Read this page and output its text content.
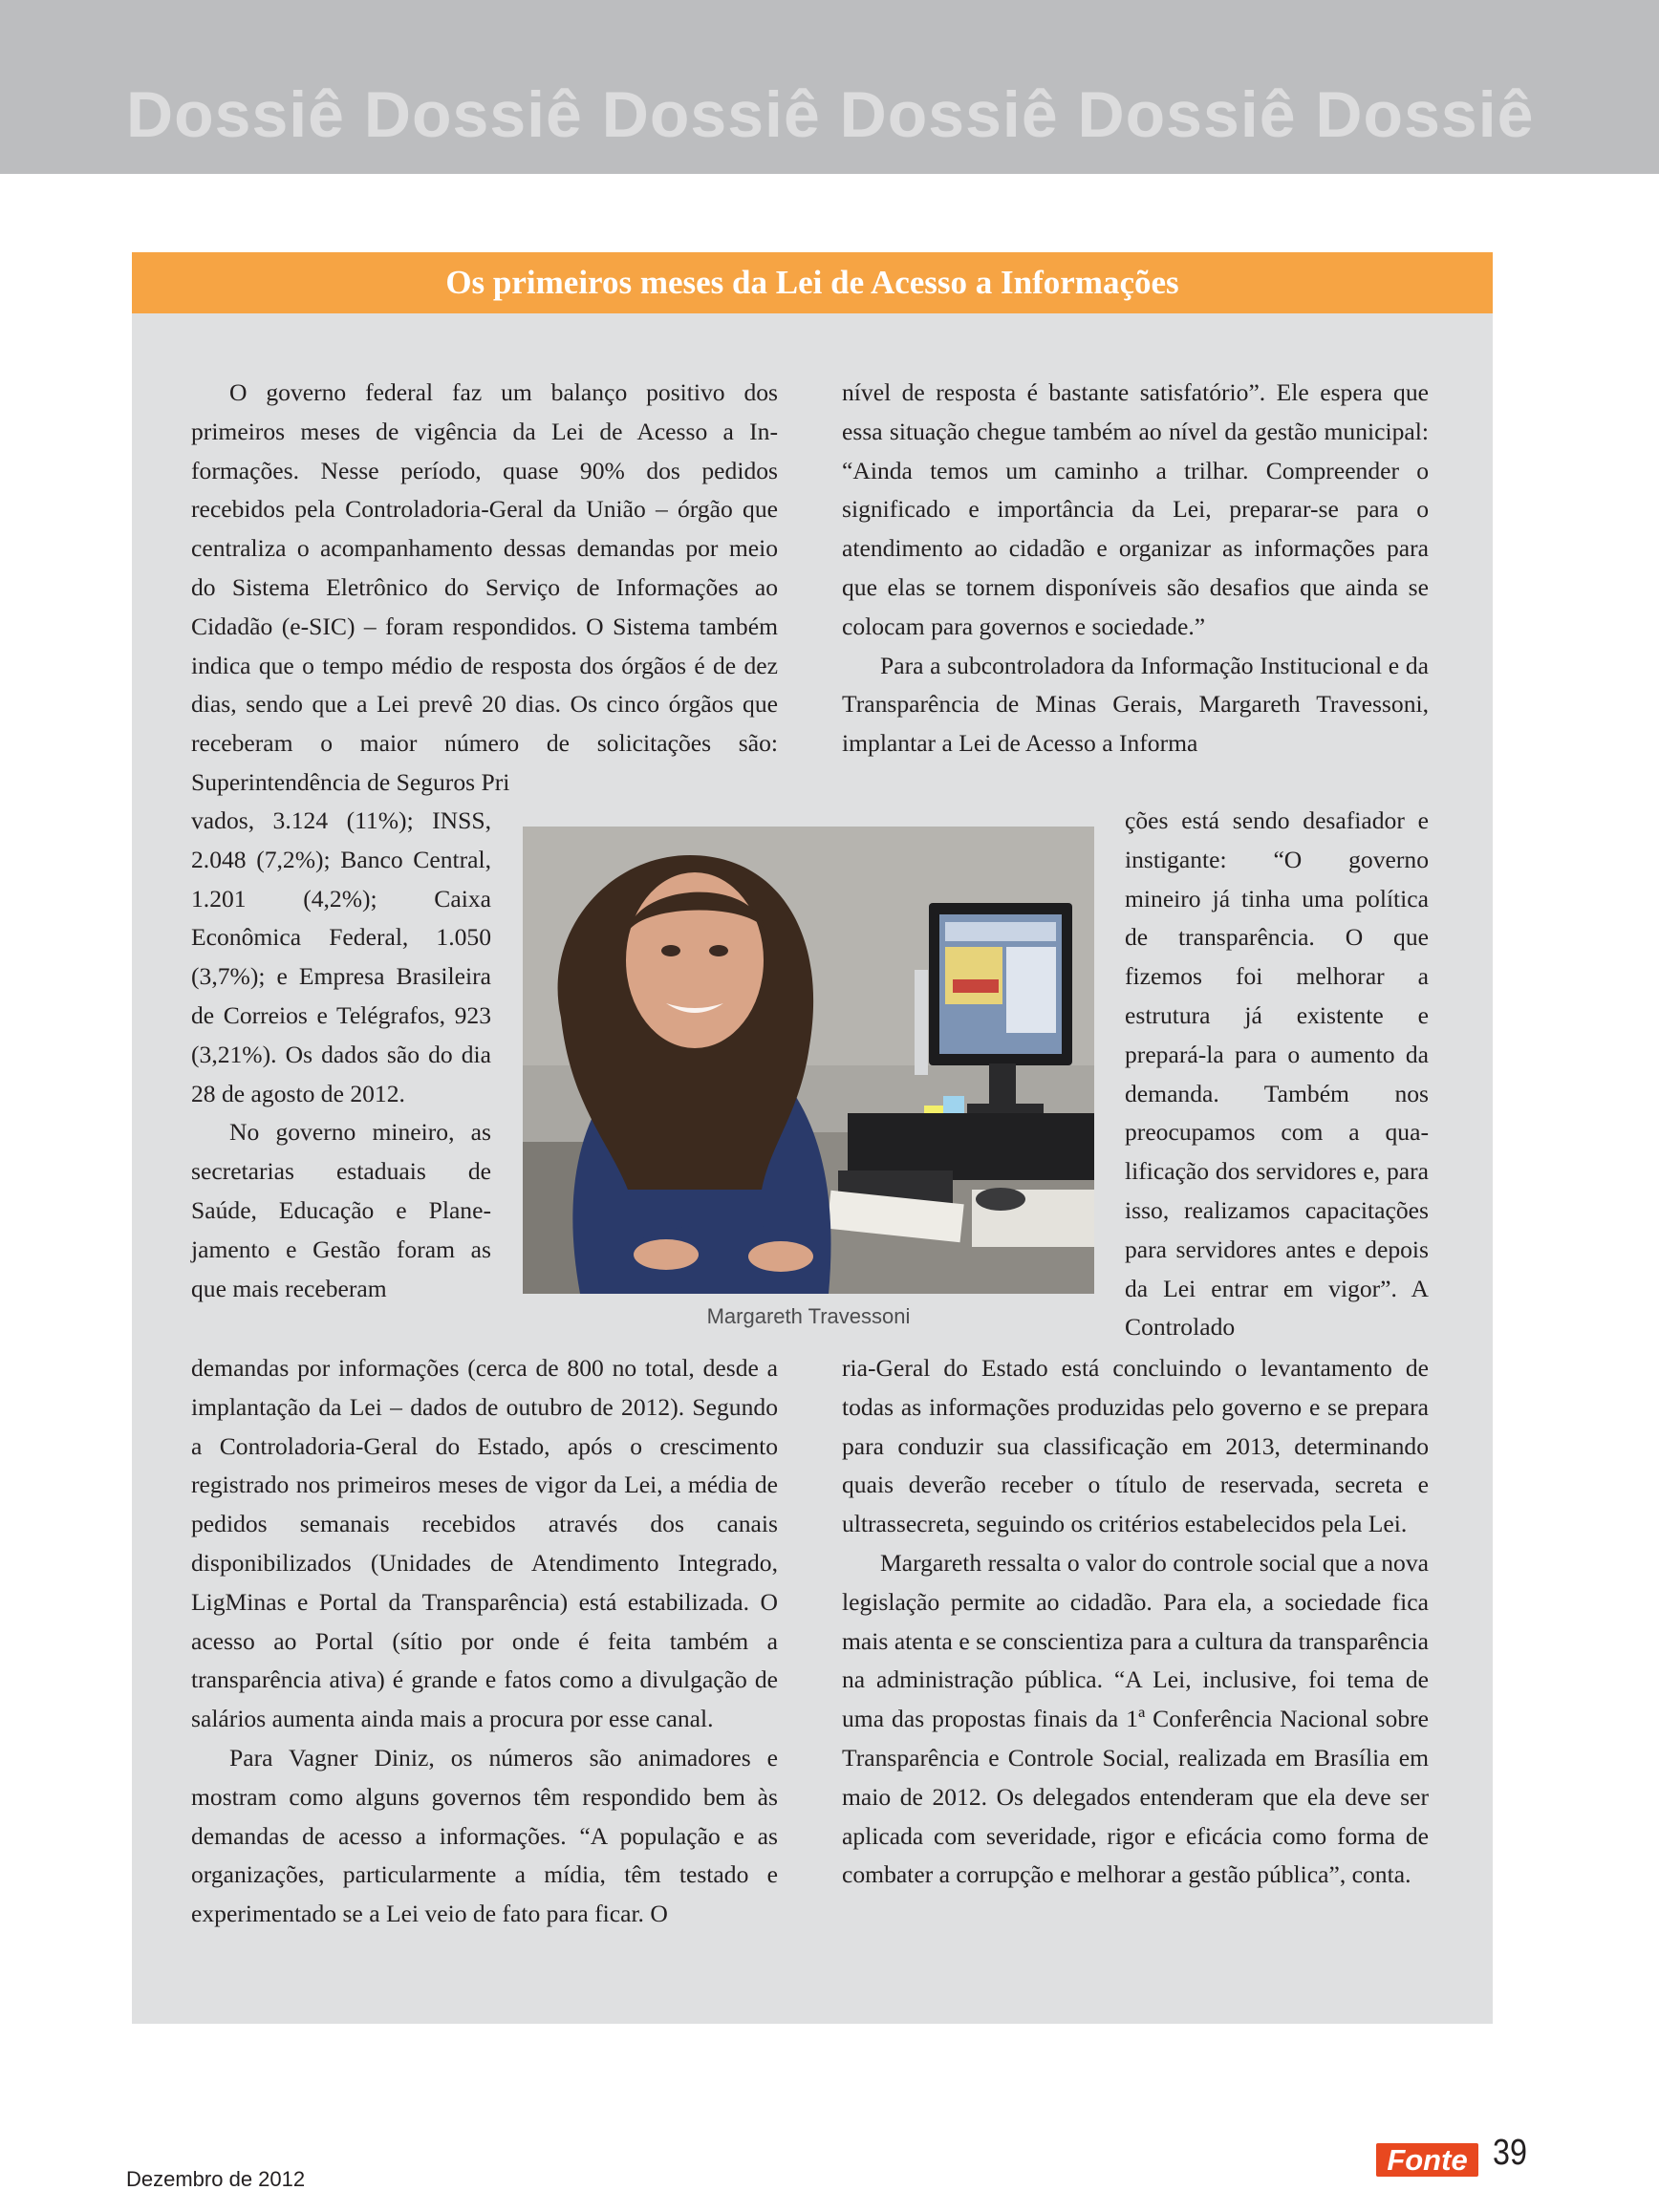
Dossiê Dossiê Dossiê Dossiê Dossiê Dossiê
Os primeiros meses da Lei de Acesso a Informações

O governo federal faz um balanço positivo dos primeiros meses de vigência da Lei de Acesso a Informações. Nesse período, quase 90% dos pedidos recebidos pela Controladoria-Geral da União – órgão que centraliza o acompanhamento dessas demandas por meio do Sistema Eletrônico do Serviço de Informações ao Cidadão (e-SIC) – foram respondidos. O Sistema também indica que o tempo médio de resposta dos órgãos é de dez dias, sendo que a Lei prevê 20 dias. Os cinco órgãos que receberam o maior número de solicitações são: Superintendência de Seguros Pri

vados, 3.124 (11%); INSS, 2.048 (7,2%); Banco Central, 1.201 (4,2%); Caixa Econômica Federal, 1.050 (3,7%); e Empresa Brasileira de Correios e Telégrafos, 923 (3,21%). Os dados são do dia 28 de agosto de 2012.

No governo mineiro, as secretarias estaduais de Saúde, Educação e Planejamento e Gestão foram as que mais receberam

demandas por informações (cerca de 800 no total, desde a implantação da Lei – dados de outubro de 2012). Segundo a Controladoria-Geral do Estado, após o crescimento registrado nos primeiros meses de vigor da Lei, a média de pedidos semanais recebidos através dos canais disponibilizados (Unidades de Atendimento Integrado, LigMinas e Portal da Transparência) está estabilizada. O acesso ao Portal (sítio por onde é feita também a transparência ativa) é grande e fatos como a divulgação de salários aumenta ainda mais a procura por esse canal.

Para Vagner Diniz, os números são animadores e mostram como alguns governos têm respondido bem às demandas de acesso a informações. “A população e as organizações, particularmente a mídia, têm testado e experimentado se a Lei veio de fato para ficar. O

nível de resposta é bastante satisfatório”. Ele espera que essa situação chegue também ao nível da gestão municipal: “Ainda temos um caminho a trilhar. Compreender o significado e importância da Lei, preparar-se para o atendimento ao cidadão e organizar as informações para que elas se tornem disponíveis são desafios que ainda se colocam para governos e sociedade.”

Para a subcontroladora da Informação Institucional e da Transparência de Minas Gerais, Margareth Travessoni, implantar a Lei de Acesso a Informa

ções está sendo desafiador e instigante: “O governo mineiro já tinha uma política de transparência. O que fizemos foi melhorar a estrutura já existente e prepará-la para o aumento da demanda. Também nos preocupamos com a qualificação dos servidores e, para isso, realizamos capacitações para servidores antes e depois da Lei entrar em vigor”. A Controlado

ria-Geral do Estado está concluindo o levantamento de todas as informações produzidas pelo governo e se prepara para conduzir sua classificação em 2013, determinando quais deverão receber o título de reservada, secreta e ultrassecreta, seguindo os critérios estabelecidos pela Lei.

Margareth ressalta o valor do controle social que a nova legislação permite ao cidadão. Para ela, a sociedade fica mais atenta e se conscientiza para a cultura da transparência na administração pública. “A Lei, inclusive, foi tema de uma das propostas finais da 1ª Conferência Nacional sobre Transparência e Controle Social, realizada em Brasília em maio de 2012. Os delegados entenderam que ela deve ser aplicada com severidade, rigor e eficácia como forma de combater a corrupção e melhorar a gestão pública”, conta.

Margareth Travessoni
Dezembro de 2012
Fonte 39
